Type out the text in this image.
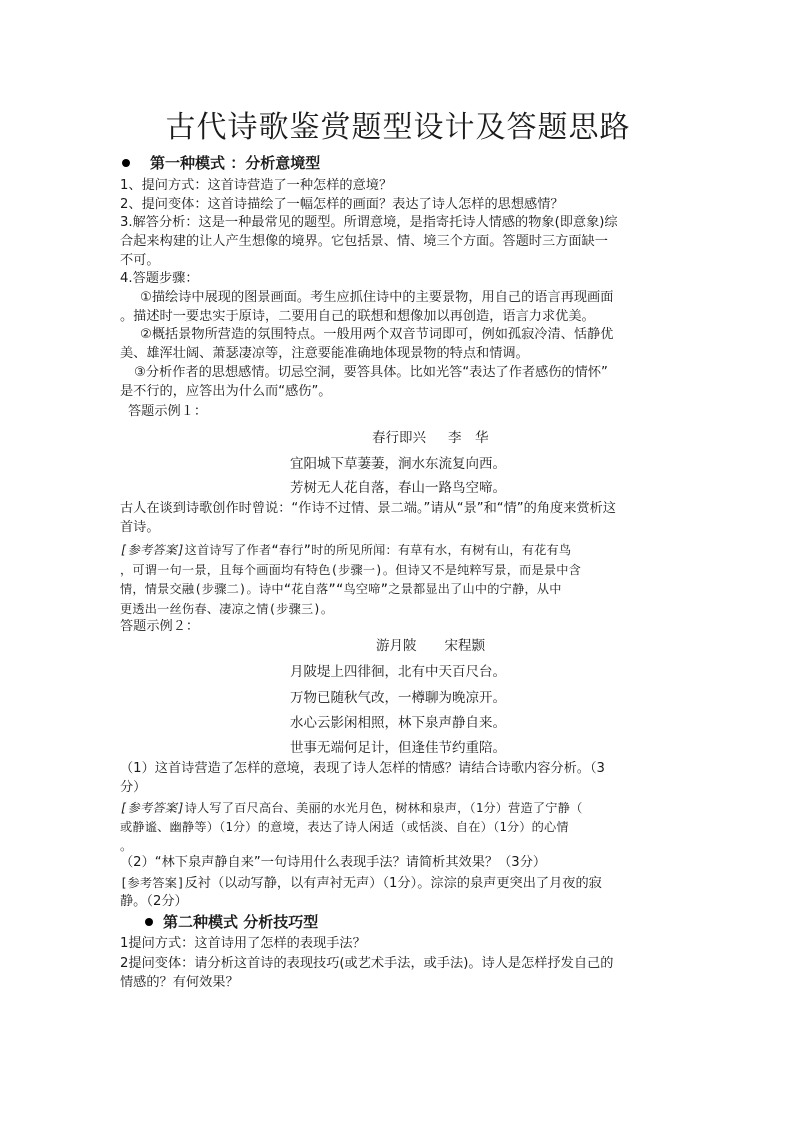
古代诗歌鉴赏题型设计及答题思路
第一种模式 ：分析意境型
1、提问方式：这首诗营造了一种怎样的意境？
2、提问变体：这首诗描绘了一幅怎样的画面？表达了诗人怎样的思想感情？
3.解答分析：这是一种最常见的题型。所谓意境，是指寄托诗人情感的物象(即意象)综
合起来构建的让人产生想像的境界。它包括景、情、境三个方面。答题时三方面缺一
不可。
4.答题步骤：
①描绘诗中展现的图景画面。考生应抓住诗中的主要景物，用自己的语言再现画面
。描述时一要忠实于原诗，二要用自己的联想和想像加以再创造，语言力求优美。
②概括景物所营造的氛围特点。一般用两个双音节词即可，例如孤寂冷清、恬静优
美、雄浑壮阔、萧瑟凄凉等，注意要能准确地体现景物的特点和情调。
③分析作者的思想感情。切忌空洞，要答具体。比如光答“表达了作者感伤的情怀”
是不行的，应答出为什么而“感伤”。
答题示例１：
春行即兴 李　华
宜阳城下草萋萋，涧水东流复向西。
芳树无人花自落，春山一路鸟空啼。
古人在谈到诗歌创作时曾说：“作诗不过情、景二端。”请从“景”和“情”的角度来赏析这
首诗。
[参考答案]这首诗写了作者“春行”时的所见所闻：有草有水，有树有山，有花有鸟
，可谓一句一景，且每个画面均有特色(步骤一)。但诗又不是纯粹写景，而是景中含
情，情景交融(步骤二)。诗中“花自落”“鸟空啼”之景都显出了山中的宁静，从中
更透出一丝伤春、凄凉之情(步骤三)。
答题示例２：
游月陂 宋程颢
月陂堤上四徘徊，北有中天百尺台。
万物已随秋气改，一樽聊为晚凉开。
水心云影闲相照，林下泉声静自来。
世事无端何足计，但逢佳节约重陪。
（1）这首诗营造了怎样的意境，表现了诗人怎样的情感？请结合诗歌内容分析。（3
分）
[参考答案]诗人写了百尺高台、美丽的水光月色，树林和泉声，（1分）营造了宁静（
或静谧、幽静等）（1分）的意境，表达了诗人闲适（或恬淡、自在）（1分）的心情
。
（2）“林下泉声静自来”一句诗用什么表现手法？请简析其效果？（3分）
[参考答案]反衬（以动写静，以有声衬无声）（1分）。淙淙的泉声更突出了月夜的寂
静。（2分）
第二种模式 分析技巧型
1提问方式：这首诗用了怎样的表现手法？
2提问变体：请分析这首诗的表现技巧(或艺术手法，或手法)。诗人是怎样抒发自己的
情感的？有何效果？
